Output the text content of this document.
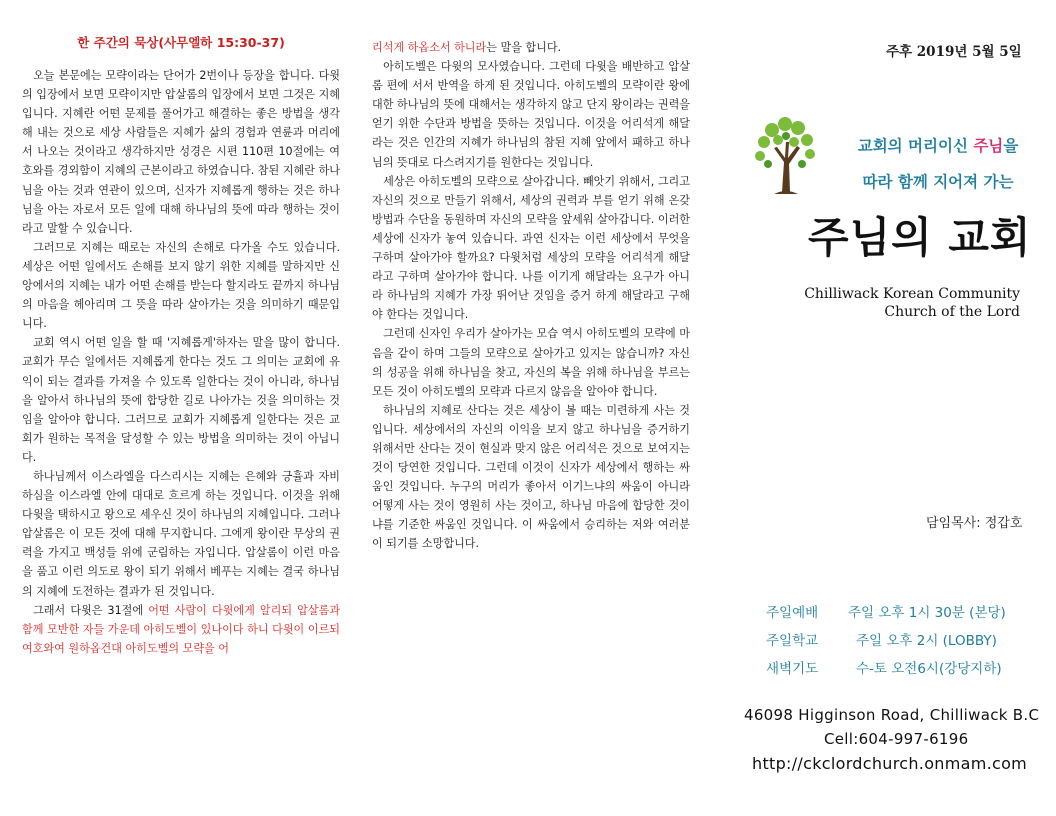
한 주간의 묵상(사무엘하 15:30-37)

오늘 본문에는 모략이라는 단어가 2번이나 등장을 합니다. 다윗의 입장에서 보면 모략이지만 압살롬의 입장에서 보면 그것은 지혜입니다. 지혜란 어떤 문제를 풀어가고 해결하는 좋은 방법을 생각해 내는 것으로 세상 사람들은 지혜가 삶의 경험과 연륜과 머리에서 나오는 것이라고 생각하지만 성경은 시편 110편 10절에는 여호와를 경외함이 지혜의 근본이라고 하였습니다. 참된 지혜란 하나님을 아는 것과 연관이 있으며, 신자가 지혜롭게 행하는 것은 하나님을 아는 자로서 모든 일에 대해 하나님의 뜻에 따라 행하는 것이라고 말할 수 있습니다.

그러므로 지혜는 때로는 자신의 손해로 다가올 수도 있습니다. 세상은 어떤 일에서도 손해를 보지 않기 위한 지혜를 말하지만 신앙에서의 지혜는 내가 어떤 손해를 받는다 할지라도 끝까지 하나님의 마음을 헤아리며 그 뜻을 따라 살아가는 것을 의미하기 때문입니다.

교회 역시 어떤 일을 할 때 '지혜롭게'하자는 말을 많이 합니다. 교회가 무슨 일에서든 지혜롭게 한다는 것도 그 의미는 교회에 유익이 되는 결과를 가져올 수 있도록 일한다는 것이 아니라, 하나님을 알아서 하나님의 뜻에 합당한 길로 나아가는 것을 의미하는 것임을 알아야 합니다. 그러므로 교회가 지혜롭게 일한다는 것은 교회가 원하는 목적을 달성할 수 있는 방법을 의미하는 것이 아닙니다.

하나님께서 이스라엘을 다스리시는 지혜는 은혜와 긍휼과 자비하심을 이스라엘 안에 대대로 흐르게 하는 것입니다. 이것을 위해 다윗을 택하시고 왕으로 세우신 것이 하나님의 지혜입니다. 그러나 압살롬은 이 모든 것에 대해 무지합니다. 그에게 왕이란 무상의 권력을 가지고 백성들 위에 군림하는 자입니다. 압살롬이 이런 마음을 품고 이런 의도로 왕이 되기 위해서 베푸는 지혜는 결국 하나님의 지혜에 도전하는 결과가 된 것입니다.

그래서 다윗은 31절에 어떤 사람이 다윗에게 알리되 압살롬과 함께 모반한 자들 가운데 아히도벨이 있나이다 하니 다윗이 이르되 여호와여 원하옵건대 아히도벨의 모략을 어

리석게 하옵소서 하니라는 말을 합니다.

아히도벨은 다윗의 모사였습니다. 그런데 다윗을 배반하고 압살롬 편에 서서 반역을 하게 된 것입니다. 아히도벨의 모략이란 왕에 대한 하나님의 뜻에 대해서는 생각하지 않고 단지 왕이라는 권력을 얻기 위한 수단과 방법을 뜻하는 것입니다. 이것을 어리석게 해달라는 것은 인간의 지혜가 하나님의 참된 지혜 앞에서 패하고 하나님의 뜻대로 다스려지기를 원한다는 것입니다.

세상은 아히도벨의 모략으로 살아갑니다. 빼앗기 위해서, 그리고 자신의 것으로 만들기 위해서, 세상의 권력과 부를 얻기 위해 온갖 방법과 수단을 동원하며 자신의 모략을 앞세워 살아갑니다. 이러한 세상에 신자가 놓여 있습니다. 과연 신자는 이런 세상에서 무엇을 구하며 살아가야 할까요? 다윗처럼 세상의 모략을 어리석게 해달라고 구하며 살아가야 합니다. 나를 이기게 해달라는 요구가 아니라 하나님의 지혜가 가장 뛰어난 것임을 증거 하게 해달라고 구해야 한다는 것입니다.

그런데 신자인 우리가 살아가는 모습 역시 아히도벨의 모략에 마음을 같이 하며 그들의 모략으로 살아가고 있지는 않습니까? 자신의 성공을 위해 하나님을 찾고, 자신의 복을 위해 하나님을 부르는 모든 것이 아히도벨의 모략과 다르지 않음을 알아야 합니다.

하나님의 지혜로 산다는 것은 세상이 볼 때는 미련하게 사는 것입니다. 세상에서의 자신의 이익을 보지 않고 하나님을 증거하기 위해서만 산다는 것이 현실과 맞지 않은 어리석은 것으로 보여지는 것이 당연한 것입니다. 그런데 이것이 신자가 세상에서 행하는 싸움인 것입니다. 누구의 머리가 좋아서 이기느냐의 싸움이 아니라 어떻게 사는 것이 영원히 사는 것이고, 하나님 마음에 합당한 것이냐를 기준한 싸움인 것입니다. 이 싸움에서 승리하는 저와 여러분이 되기를 소망합니다.

주후 2019년 5월 5일
교회의 머리이신 주님을
따라 함께 지어져 가는
주님의 교회
Chilliwack Korean Community
Church of the Lord
담임목사: 정갑호
주일예배 주일 오후 1시 30분 (본당)
주일학교	주일 오후 2시 (LOBBY)
새벽기도	수-토 오전6시(강당지하)
46098 Higginson Road, Chilliwack B.C
Cell:604-997-6196
http://ckclordchurch.onmam.com
